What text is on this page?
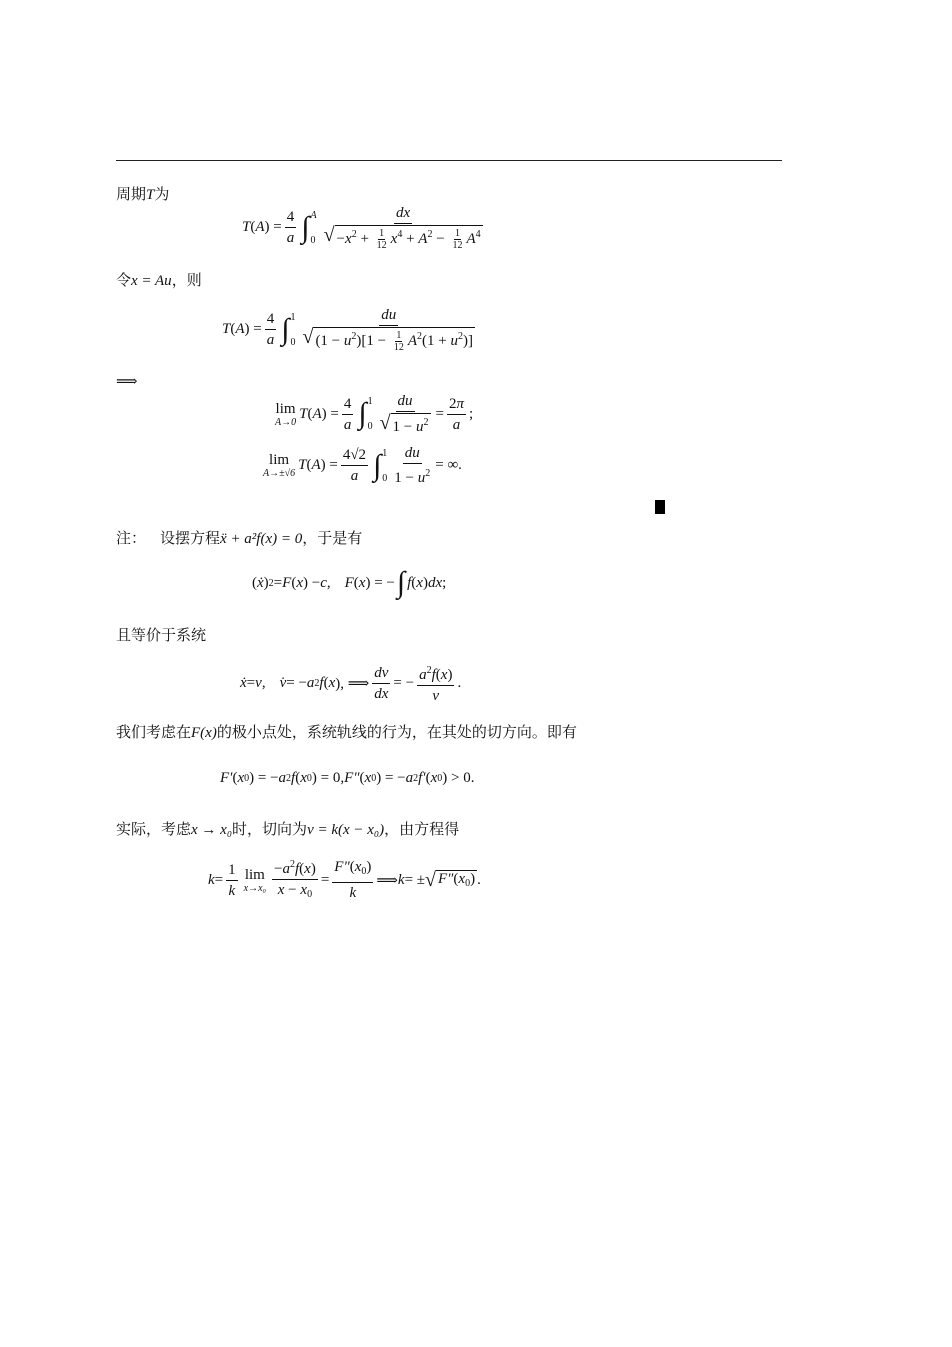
周期T为
T ( A ) = $\frac{4}{a}$ ∫ A
$0 \frac{dx}{√ -x^2 + \frac{1}{12} x^4 + A^2 - \frac{1}{12} A^4}$
令x = Au，则
T ( A ) = $\frac{4}{a}$ ∫ 1
$0 \frac{du}{√ (1 - u^2)[1 - \frac{1}{12} A^2(1 + u^2)]}$
⟹
lim
A→0
T ( A ) = $\frac{4}{a}$ ∫ 1
$0 \frac{du}{√ 1 - u^2} = \frac{2\pi}{a}$ ;
lim
A→±√6
T ( A ) = $\frac{4√2}{a}$ ∫ 1
$0 \frac{du}{1 - u^2}$ = ∞.
注： 设摆方程ẍ + a²f(x) = 0，于是有
( ẋ ) 2 = F ( x ) − c , F ( x ) = − ∫ f ( x ) dx ;
且等价于系统
ẋ = v , v̇ = − a 2 f ( x ), ⟹ $\frac{dv}{dx}$ = − $\frac{a^2f(x)}{v}$ .
我们考虑在F(x)的极小点处，系统轨线的行为，在其处的切方向。即有
F′ ( x 0 ) = − a 2 f ( x 0 ) = 0, F″ ( x 0 ) = − a 2 f′ ( x 0 ) > 0.
实际，考虑x → x₀时，切向为v = k(x − x₀)，由方程得
$k = \frac{1}{k}$ lim
$x\to x_0 \frac{-a^2f(x)}{x - x_0} = \frac{F''(x_0)}{k}$ ⟹ k = ± √ $F''(x_0)$ .
